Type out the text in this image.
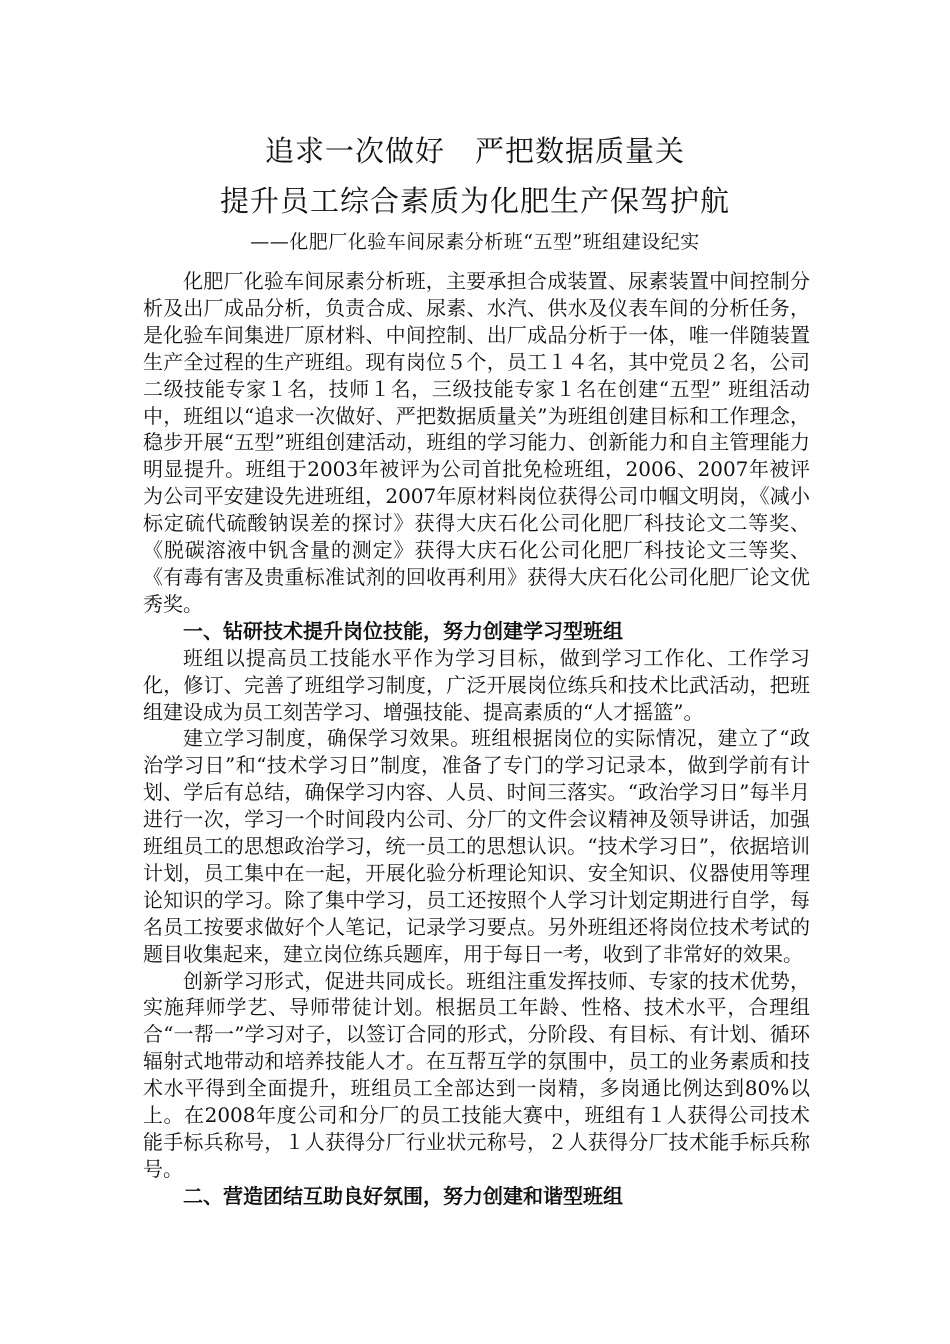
追求一次做好　严把数据质量关
提升员工综合素质为化肥生产保驾护航
——化肥厂化验车间尿素分析班“五型”班组建设纪实

化肥厂化验车间尿素分析班，主要承担合成装置、尿素装置中间控制分析及出厂成品分析，负责合成、尿素、水汽、供水及仪表车间的分析任务，是化验车间集进厂原材料、中间控制、出厂成品分析于一体，唯一伴随装置生产全过程的生产班组。现有岗位５个，员工１４名，其中党员２名，公司二级技能专家１名，技师１名，三级技能专家１名在创建“五型” 班组活动中，班组以“追求一次做好、严把数据质量关”为班组创建目标和工作理念，稳步开展“五型”班组创建活动，班组的学习能力、创新能力和自主管理能力明显提升。班组于2003年被评为公司首批免检班组，2006、2007年被评为公司平安建设先进班组，2007年原材料岗位获得公司巾帼文明岗，《减小标定硫代硫酸钠误差的探讨》获得大庆石化公司化肥厂科技论文二等奖、《脱碳溶液中钒含量的测定》获得大庆石化公司化肥厂科技论文三等奖、《有毒有害及贵重标准试剂的回收再利用》获得大庆石化公司化肥厂论文优秀奖。

一、钻研技术提升岗位技能，努力创建学习型班组

班组以提高员工技能水平作为学习目标，做到学习工作化、工作学习化，修订、完善了班组学习制度，广泛开展岗位练兵和技术比武活动，把班组建设成为员工刻苦学习、增强技能、提高素质的“人才摇篮”。

建立学习制度，确保学习效果。班组根据岗位的实际情况，建立了“政治学习日”和“技术学习日”制度，准备了专门的学习记录本，做到学前有计划、学后有总结，确保学习内容、人员、时间三落实。“政治学习日”每半月进行一次，学习一个时间段内公司、分厂的文件会议精神及领导讲话，加强班组员工的思想政治学习，统一员工的思想认识。“技术学习日”，依据培训计划，员工集中在一起，开展化验分析理论知识、安全知识、仪器使用等理论知识的学习。除了集中学习，员工还按照个人学习计划定期进行自学，每名员工按要求做好个人笔记，记录学习要点。另外班组还将岗位技术考试的题目收集起来，建立岗位练兵题库，用于每日一考，收到了非常好的效果。

创新学习形式，促进共同成长。班组注重发挥技师、专家的技术优势，实施拜师学艺、导师带徒计划。根据员工年龄、性格、技术水平，合理组合“一帮一”学习对子，以签订合同的形式，分阶段、有目标、有计划、循环辐射式地带动和培养技能人才。在互帮互学的氛围中，员工的业务素质和技术水平得到全面提升，班组员工全部达到一岗精，多岗通比例达到80%以上。在2008年度公司和分厂的员工技能大赛中，班组有１人获得公司技术能手标兵称号，１人获得分厂行业状元称号，２人获得分厂技术能手标兵称号。

二、营造团结互助良好氛围，努力创建和谐型班组
